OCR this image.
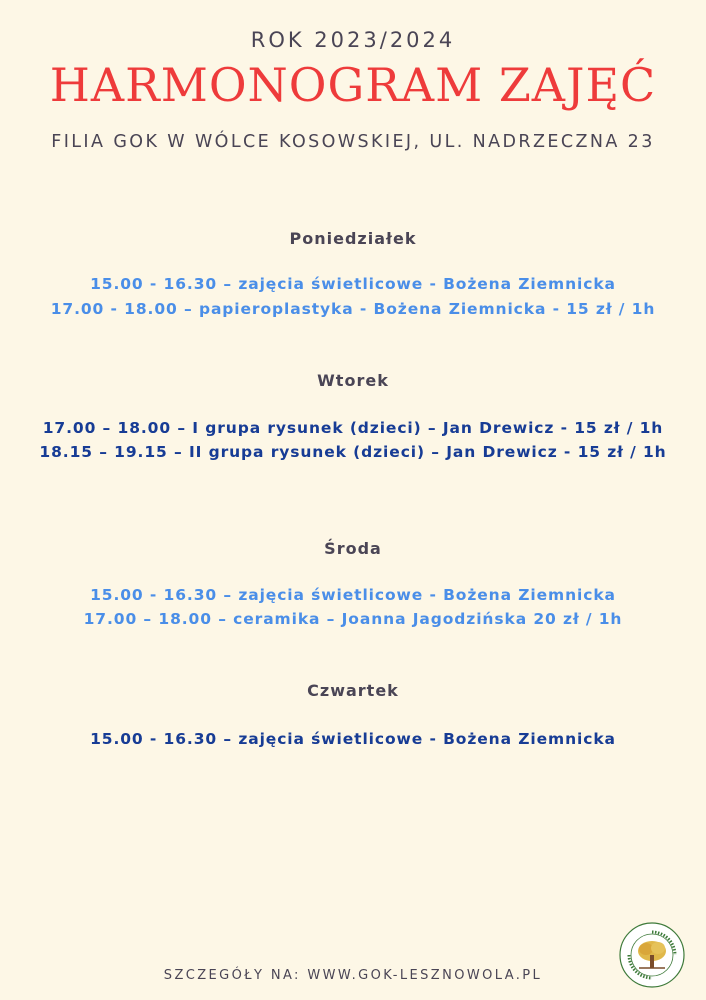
ROK 2023/2024
HARMONOGRAM ZAJĘĆ
FILIA GOK W WÓLCE KOSOWSKIEJ, UL. NADRZECZNA 23
Poniedziałek
15.00 - 16.30 – zajęcia świetlicowe - Bożena Ziemnicka
17.00 - 18.00 – papieroplastyka - Bożena Ziemnicka - 15 zł / 1h
Wtorek
17.00 – 18.00 – I grupa rysunek (dzieci) – Jan Drewicz - 15 zł / 1h
18.15 – 19.15 – II grupa rysunek (dzieci) – Jan Drewicz - 15 zł / 1h
Środa
15.00 - 16.30 – zajęcia świetlicowe - Bożena Ziemnicka
17.00 – 18.00 – ceramika – Joanna Jagodzińska 20 zł / 1h
Czwartek
15.00 - 16.30 – zajęcia świetlicowe - Bożena Ziemnicka
SZCZEGÓŁY NA: WWW.GOK-LESZNOWOLA.PL
